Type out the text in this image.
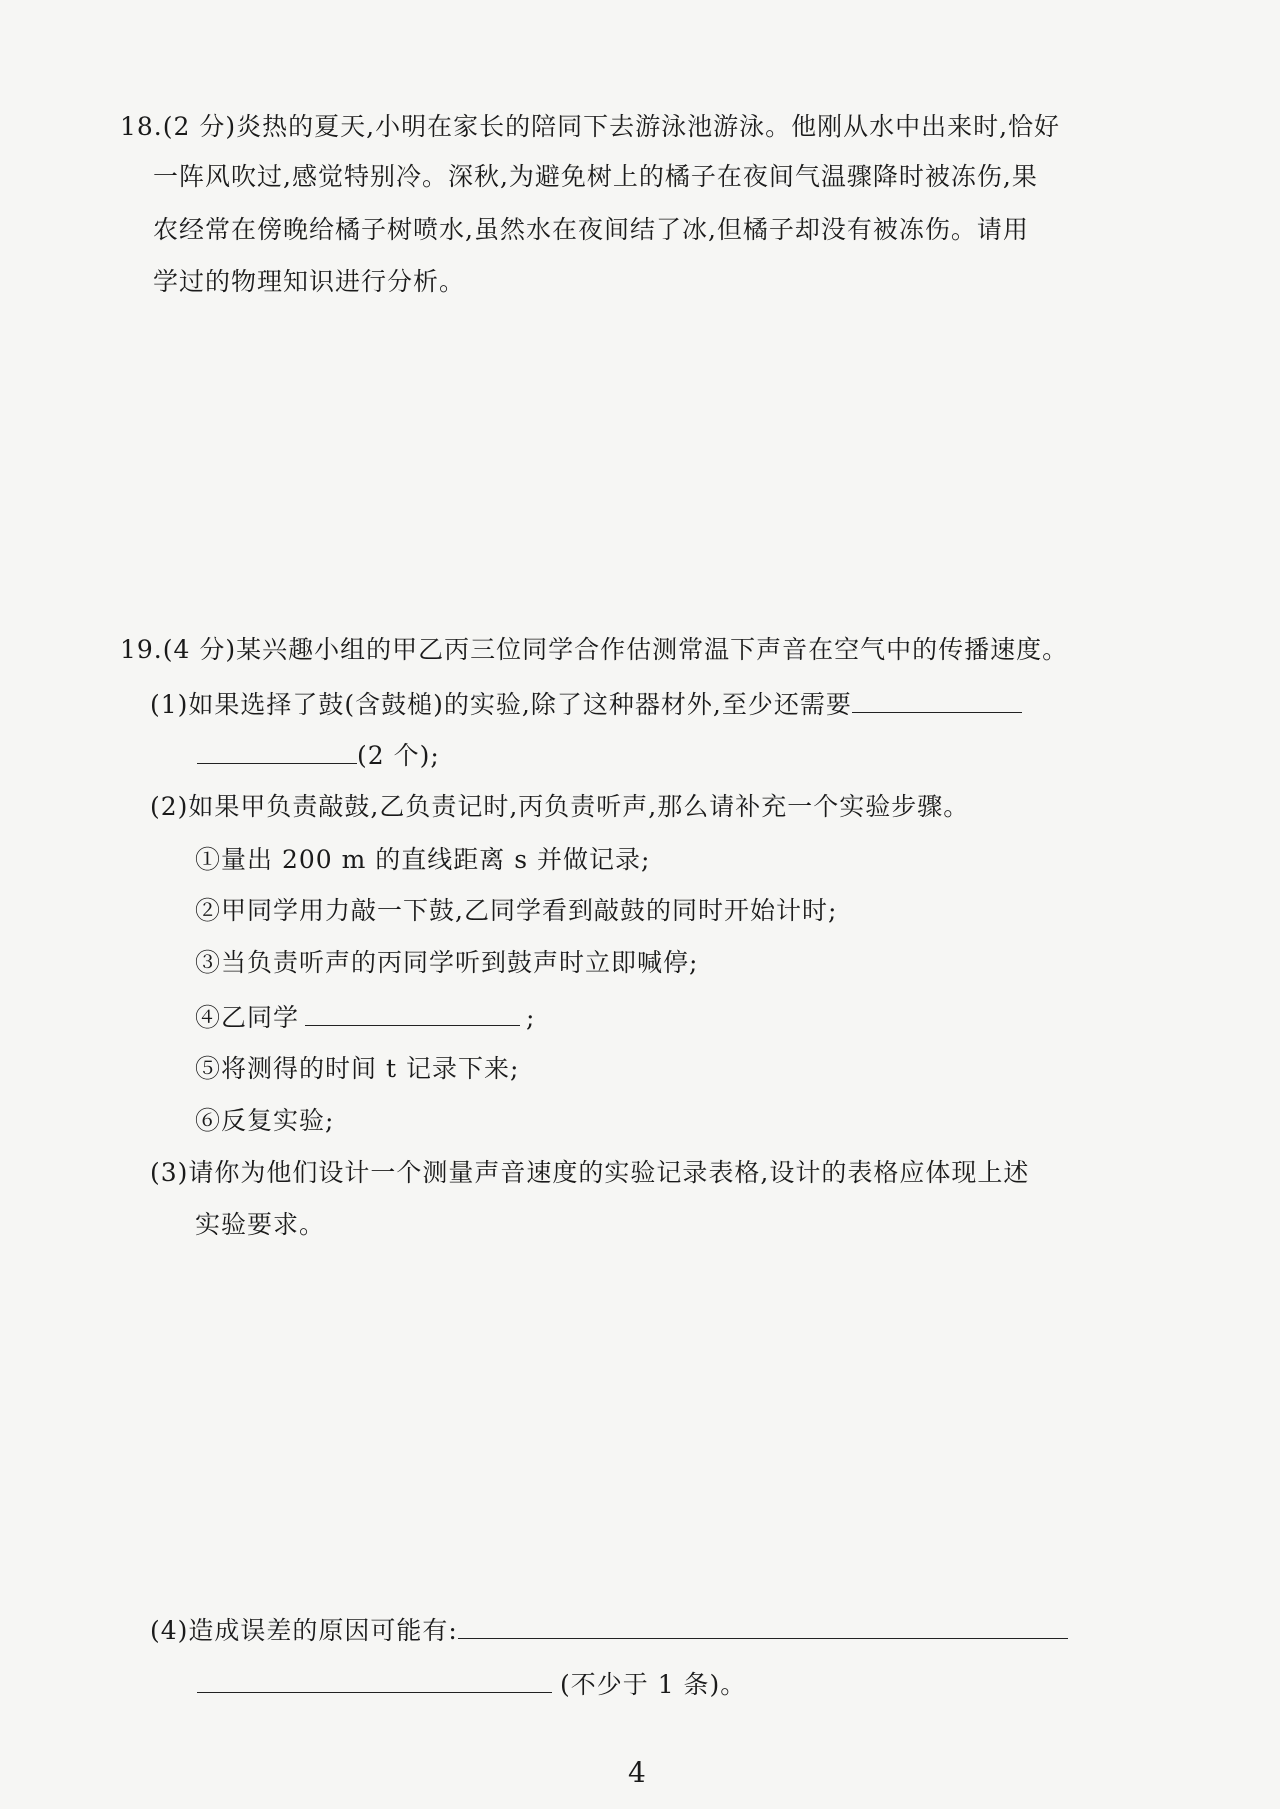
18.(2 分)炎热的夏天,小明在家长的陪同下去游泳池游泳。他刚从水中出来时,恰好
一阵风吹过,感觉特别冷。深秋,为避免树上的橘子在夜间气温骤降时被冻伤,果
农经常在傍晚给橘子树喷水,虽然水在夜间结了冰,但橘子却没有被冻伤。请用
学过的物理知识进行分析。
19.(4 分)某兴趣小组的甲乙丙三位同学合作估测常温下声音在空气中的传播速度。
(1)如果选择了鼓(含鼓槌)的实验,除了这种器材外,至少还需要
(2 个);
(2)如果甲负责敲鼓,乙负责记时,丙负责听声,那么请补充一个实验步骤。
①量出 200 m 的直线距离 s 并做记录;
②甲同学用力敲一下鼓,乙同学看到敲鼓的同时开始计时;
③当负责听声的丙同学听到鼓声时立即喊停;
④乙同学	;
⑤将测得的时间 t 记录下来;
⑥反复实验;
(3)请你为他们设计一个测量声音速度的实验记录表格,设计的表格应体现上述
实验要求。
(4)造成误差的原因可能有:
(不少于 1 条)。
4
